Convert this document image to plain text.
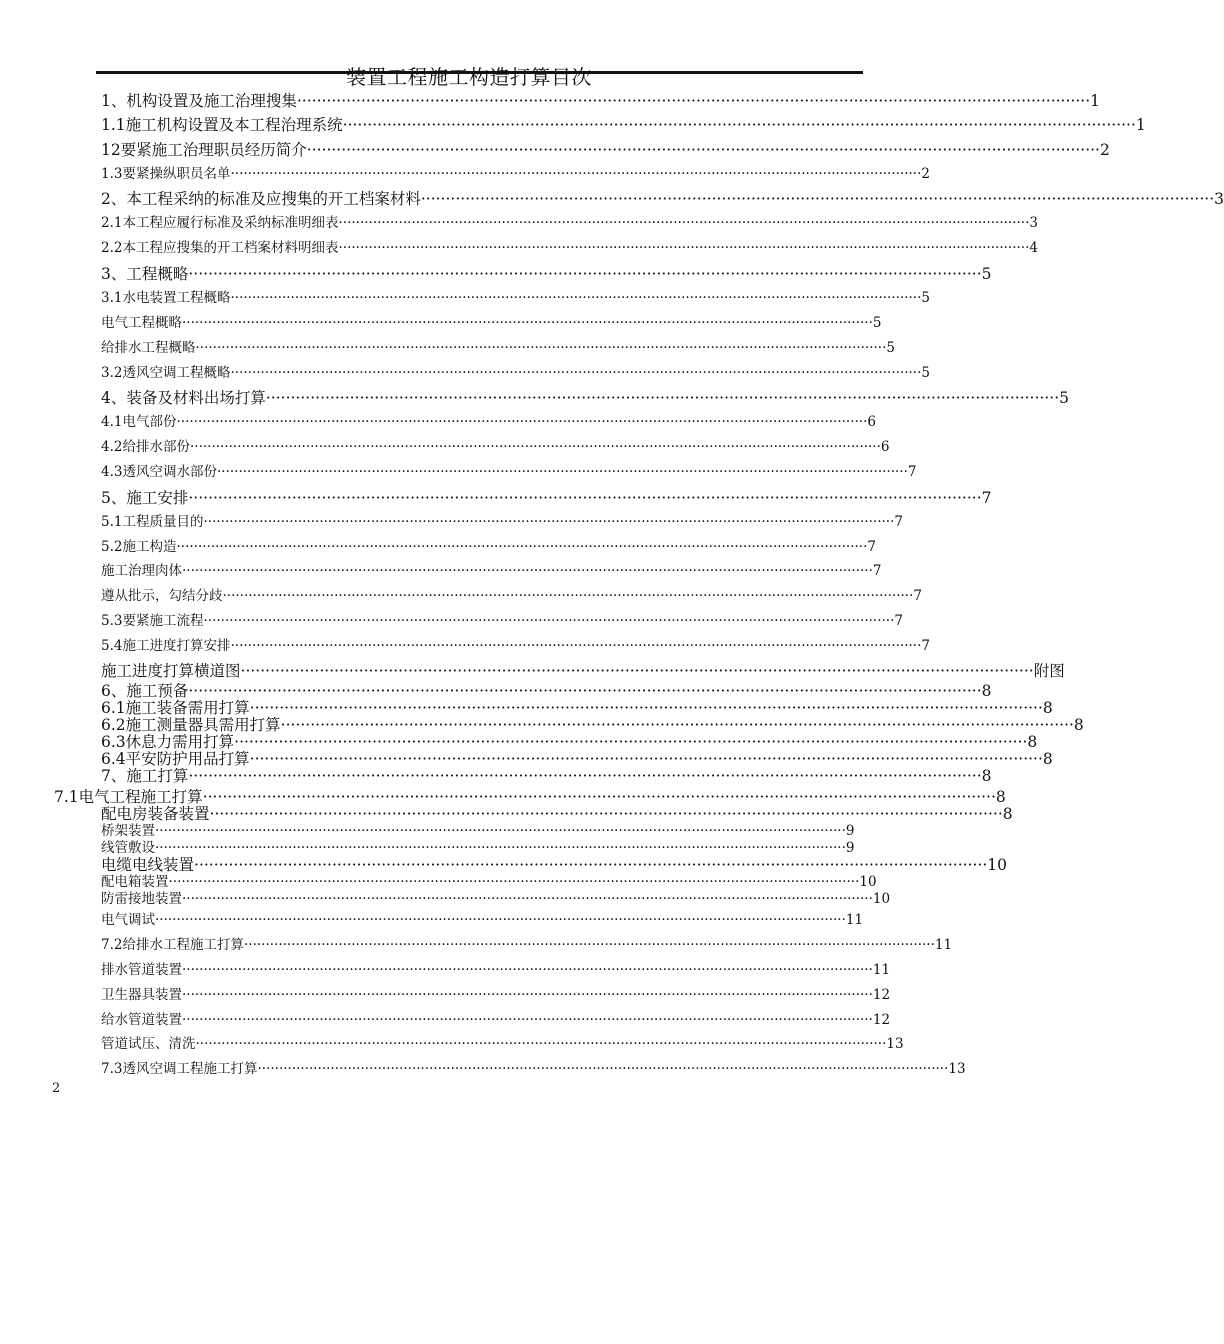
装置工程施工构造打算目次
2
1、机构设置及施工治理搜集 ································································································································································· 1
1.1施工机构设置及本工程治理系统 ································································································································································· 1
12要紧施工治理职员经历简介 ································································································································································· 2
1.3要紧操纵职员名单 ································································································································································· 2
2、本工程采纳的标准及应搜集的开工档案材料 ································································································································································· 3
2.1本工程应履行标准及采纳标准明细表 ································································································································································· 3
2.2本工程应搜集的开工档案材料明细表 ································································································································································· 4
3、工程概略 ································································································································································· 5
3.1水电装置工程概略 ································································································································································· 5
电气工程概略 ································································································································································· 5
给排水工程概略 ································································································································································· 5
3.2透风空调工程概略 ································································································································································· 5
4、装备及材料出场打算 ································································································································································· 5
4.1电气部份 ································································································································································· 6
4.2给排水部份 ································································································································································· 6
4.3透风空调水部份 ································································································································································· 7
5、施工安排 ································································································································································· 7
5.1工程质量目的 ································································································································································· 7
5.2施工构造 ································································································································································· 7
施工治理肉体 ································································································································································· 7
遵从批示，勾结分歧 ································································································································································· 7
5.3要紧施工流程 ································································································································································· 7
5.4施工进度打算安排 ································································································································································· 7
施工进度打算横道图 ································································································································································· 附图
6、施工预备 ································································································································································· 8
6.1施工装备需用打算 ································································································································································· 8
6.2施工测量器具需用打算 ································································································································································· 8
6.3休息力需用打算 ································································································································································· 8
6.4平安防护用品打算 ································································································································································· 8
7、施工打算 ································································································································································· 8
7.1电气工程施工打算 ································································································································································· 8
配电房装备装置 ································································································································································· 8
桥架装置 ································································································································································· 9
线管敷设 ································································································································································· 9
电缆电线装置 ································································································································································· 10
配电箱装置 ································································································································································· 10
防雷接地装置 ································································································································································· 10
电气调试 ································································································································································· 11
7.2给排水工程施工打算 ································································································································································· 11
排水管道装置 ································································································································································· 11
卫生器具装置 ································································································································································· 12
给水管道装置 ································································································································································· 12
管道试压、清洗 ································································································································································· 13
7.3透风空调工程施工打算 ································································································································································· 13
